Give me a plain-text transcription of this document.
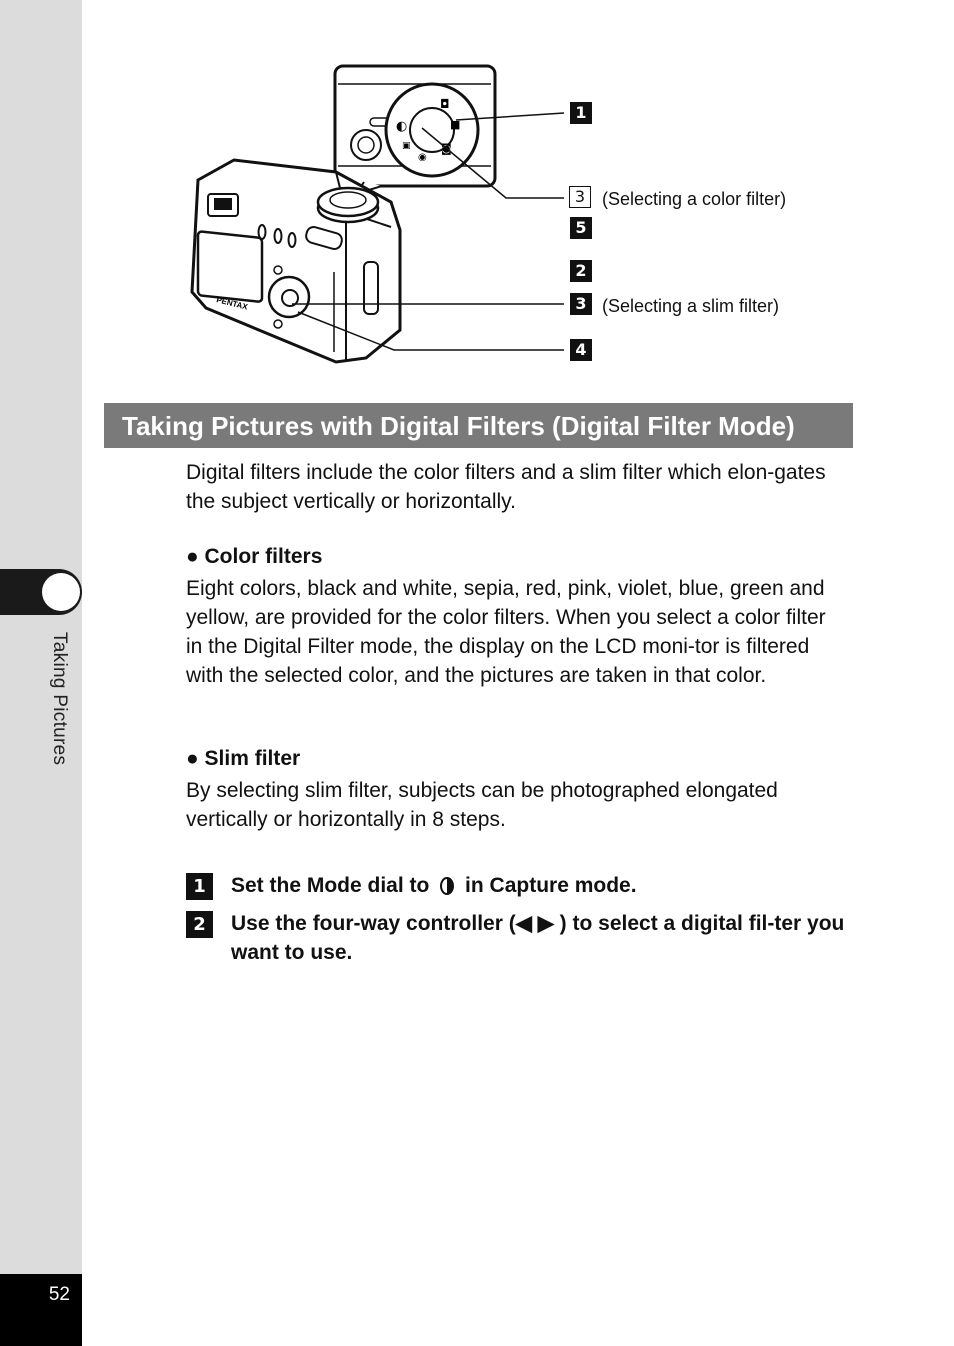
Taking Pictures
52
◘
■
◙
◉
▣
◐
PENTAX
1
3 (Selecting a color filter)
5
2
3 (Selecting a slim filter)
4
Taking Pictures with Digital Filters (Digital Filter Mode)
Digital filters include the color filters and a slim filter which elon-gates the subject vertically or horizontally.
● Color filters
Eight colors, black and white, sepia, red, pink, violet, blue, green and yellow, are provided for the color filters. When you select a color filter in the Digital Filter mode, the display on the LCD moni-tor is filtered with the selected color, and the pictures are taken in that color.
● Slim filter
By selecting slim filter, subjects can be photographed elongated vertically or horizontally in 8 steps.
1	Set the Mode dial to in Capture mode.
2	Use the four-way controller (◀ ▶ ) to select a digital fil-ter you want to use.
